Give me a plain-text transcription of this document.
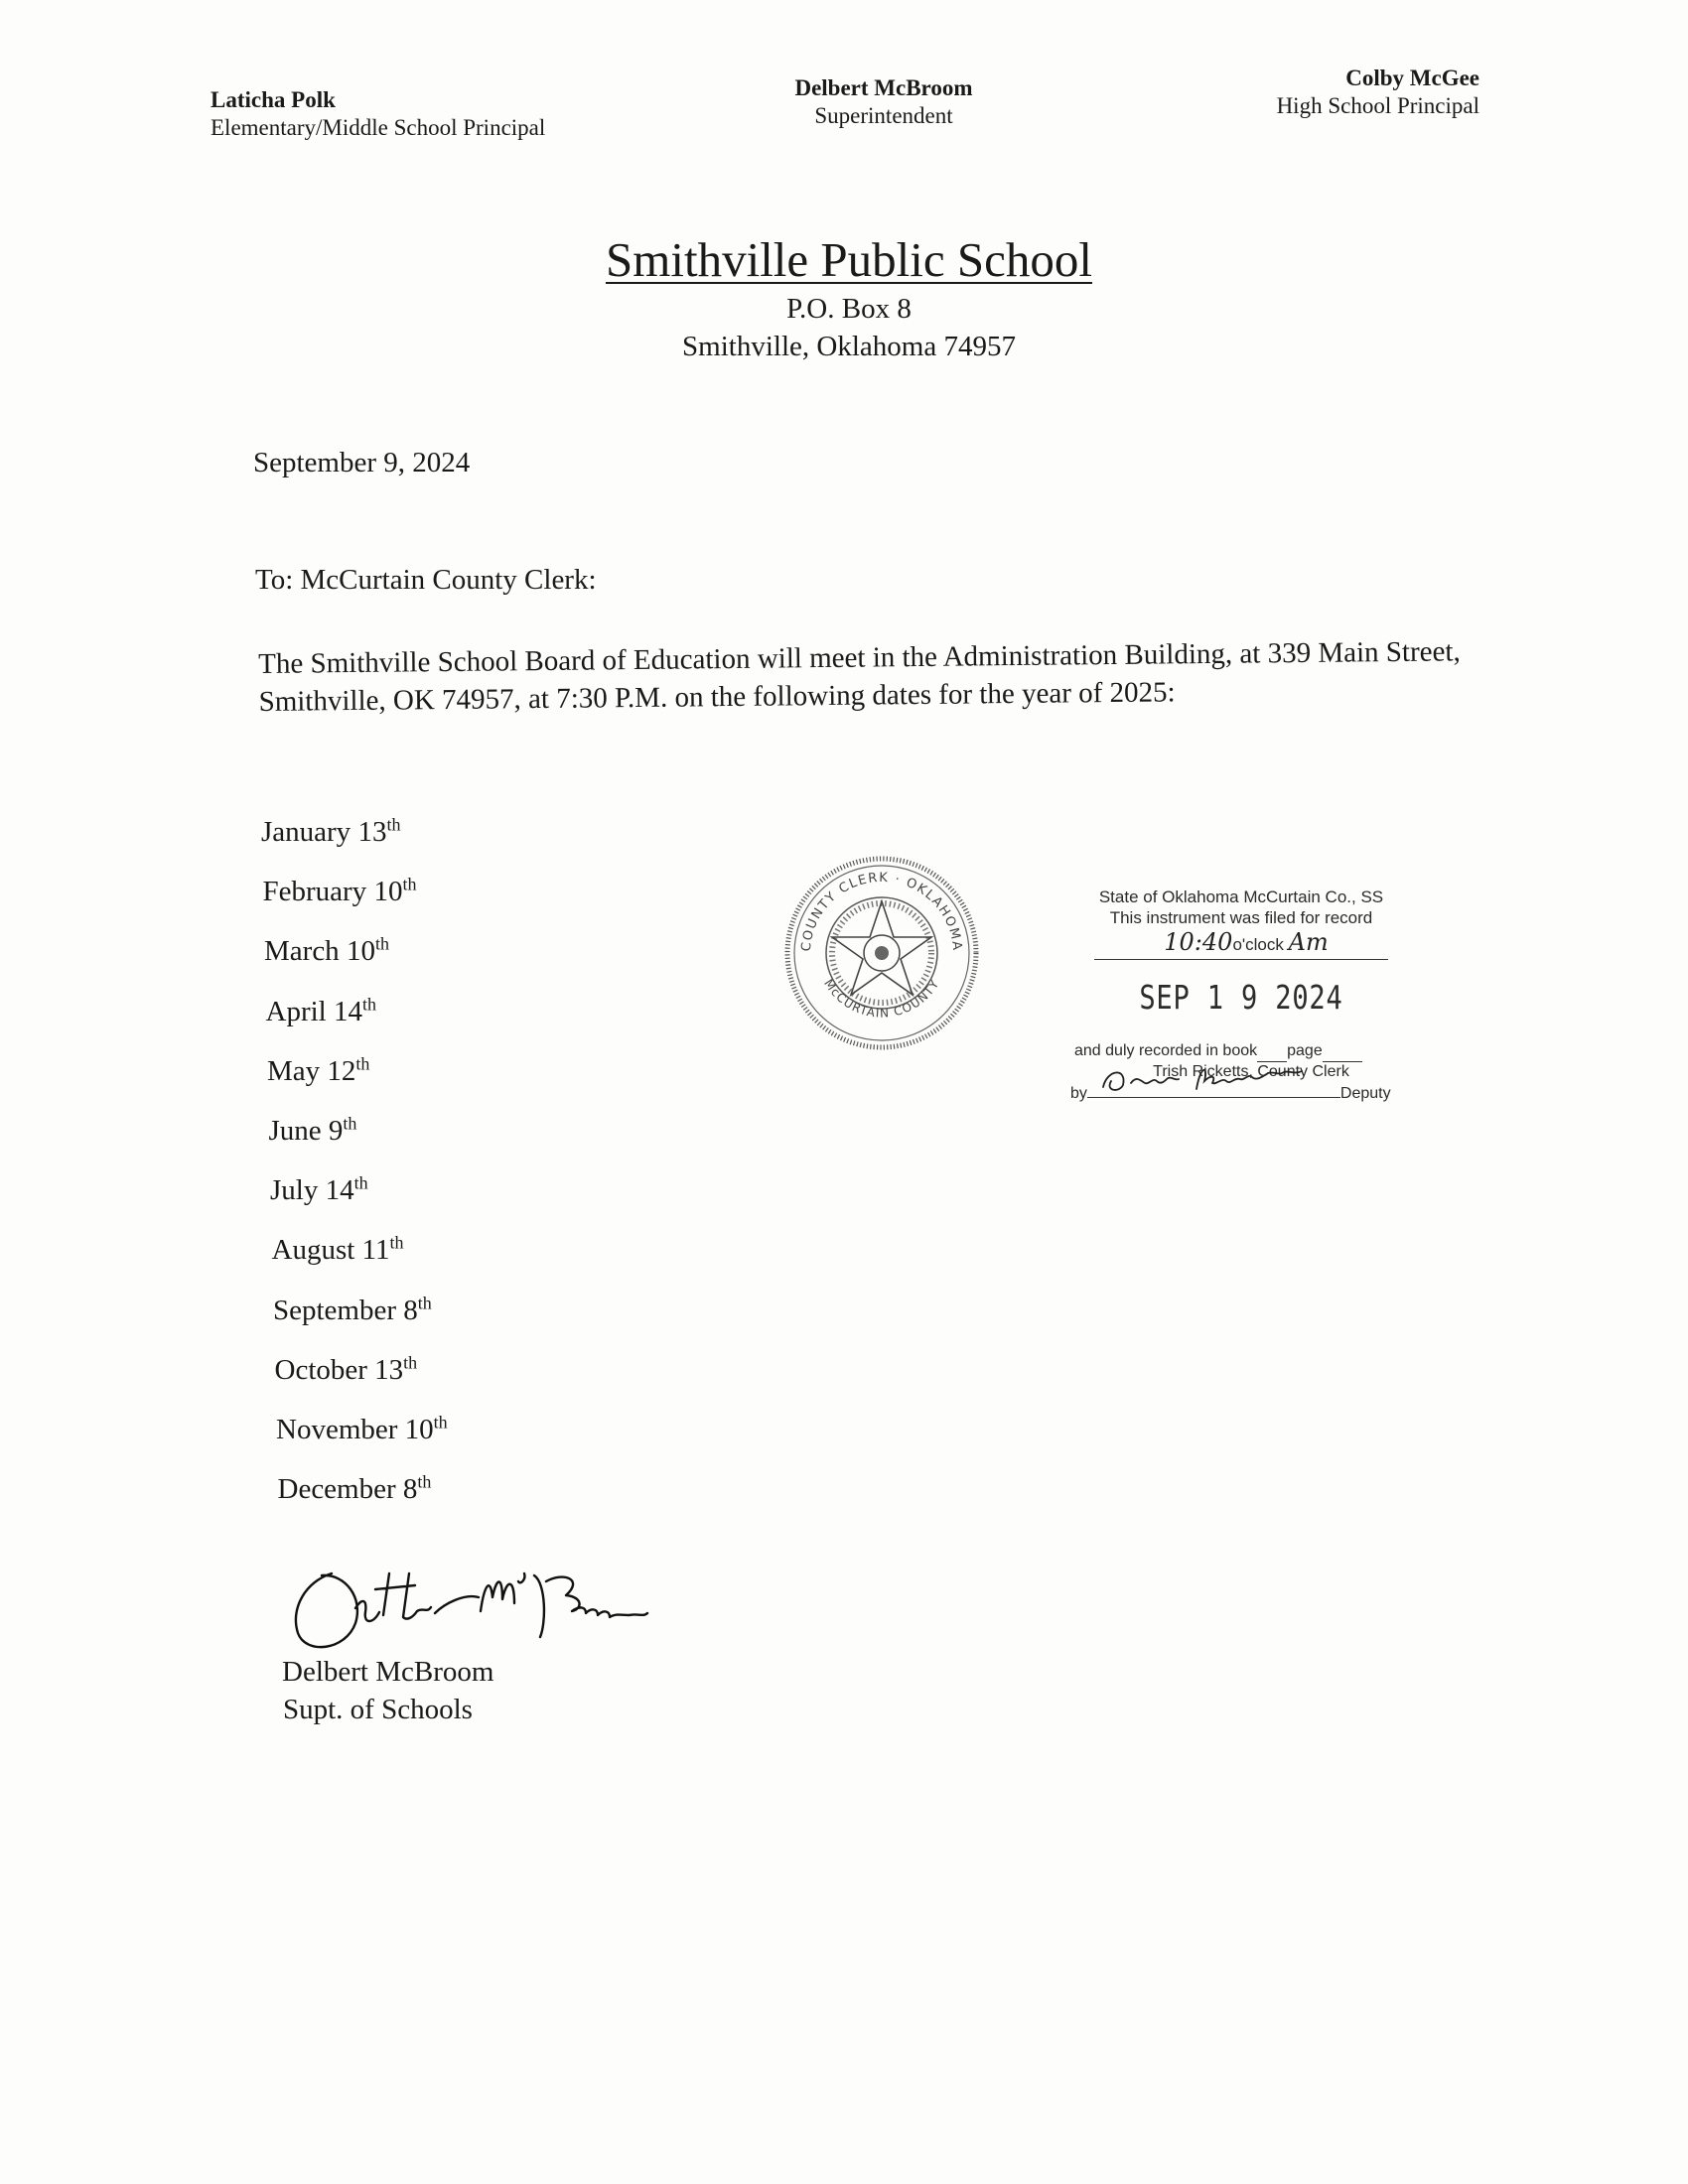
Laticha Polk
Elementary/Middle School Principal
Delbert McBroom
Superintendent
Colby McGee
High School Principal
Smithville Public School
P.O. Box 8
Smithville, Oklahoma 74957
September 9, 2024
To: McCurtain County Clerk:
The Smithville School Board of Education will meet in the Administration Building, at 339 Main Street, Smithville, OK 74957, at 7:30 P.M. on the following dates for the year of 2025:
January 13th
February 10th
March 10th
April 14th
May 12th
June 9th
July 14th
August 11th
September 8th
October 13th
November 10th
December 8th
COUNTY CLERK · OKLAHOMA
McCURTAIN COUNTY
State of Oklahoma McCurtain Co., SS
This instrument was filed for record
10:40o'clock Am
SEP 1 9 2024
and duly recorded in book page
Trish Ricketts, County Clerk
by	Deputy
Delbert McBroom
Supt. of Schools
